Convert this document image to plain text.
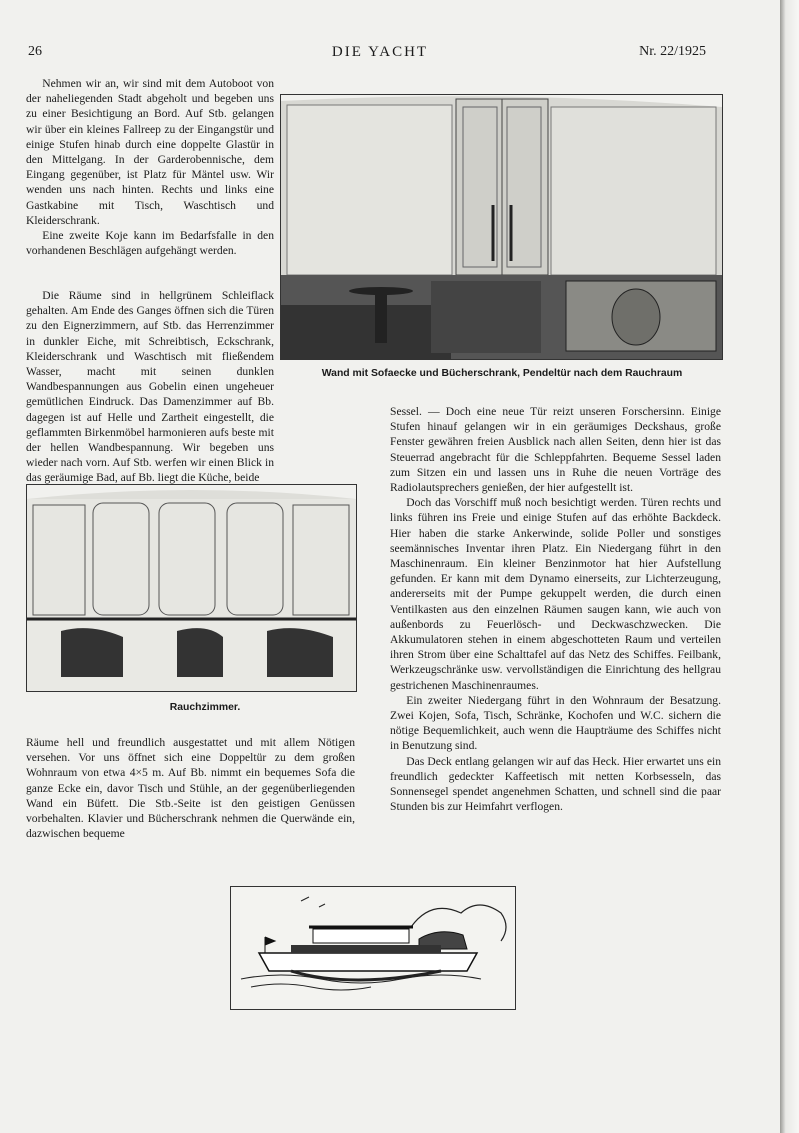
26	DIE YACHT	Nr. 22/1925

Nehmen wir an, wir sind mit dem Autoboot von der naheliegenden Stadt abgeholt und begeben uns zu einer Besichtigung an Bord. Auf Stb. gelangen wir über ein kleines Fallreep zu der Eingangstür und einige Stufen hinab durch eine doppelte Glastür in den Mittelgang. In der Garderobennische, dem Eingang gegenüber, ist Platz für Mäntel usw. Wir wenden uns nach hinten. Rechts und links eine Gastkabine mit Tisch, Waschtisch und Kleiderschrank.

Eine zweite Koje kann im Bedarfsfalle in den vorhandenen Beschlägen aufgehängt werden.

Die Räume sind in hellgrünem Schleiflack gehalten. Am Ende des Ganges öffnen sich die Türen zu den Eignerzimmern, auf Stb. das Herrenzimmer in dunkler Eiche, mit Schreibtisch, Eckschrank, Kleiderschrank und Waschtisch mit fließendem Wasser, macht mit seinen dunklen Wandbespannungen aus Gobelin einen ungeheuer gemütlichen Eindruck. Das Damenzimmer auf Bb. dagegen ist auf Helle und Zartheit eingestellt, die geflammten Birkenmöbel harmonieren aufs beste mit der hellen Wandbespannung. Wir begeben uns wieder nach vorn. Auf Stb. werfen wir einen Blick in das geräumige Bad, auf Bb. liegt die Küche, beide

Wand mit Sofaecke und Bücherschrank, Pendeltür nach dem Rauchraum
Rauchzimmer.

Räume hell und freundlich ausgestattet und mit allem Nötigen versehen. Vor uns öffnet sich eine Doppeltür zu dem großen Wohnraum von etwa 4×5 m. Auf Bb. nimmt ein bequemes Sofa die ganze Ecke ein, davor Tisch und Stühle, an der gegenüberliegenden Wand ein Büfett. Die Stb.-Seite ist den geistigen Genüssen vorbehalten. Klavier und Bücherschrank nehmen die Querwände ein, dazwischen bequeme

Sessel. — Doch eine neue Tür reizt unseren Forschersinn. Einige Stufen hinauf gelangen wir in ein geräumiges Deckshaus, große Fenster gewähren freien Ausblick nach allen Seiten, denn hier ist das Steuerrad angebracht für die Schleppfahrten. Bequeme Sessel laden zum Sitzen ein und lassen uns in Ruhe die neuen Vorträge des Radiolautsprechers genießen, der hier aufgestellt ist.

Doch das Vorschiff muß noch besichtigt werden. Türen rechts und links führen ins Freie und einige Stufen auf das erhöhte Backdeck. Hier haben die starke Ankerwinde, solide Poller und sonstiges seemännisches Inventar ihren Platz. Ein Niedergang führt in den Maschinenraum. Ein kleiner Benzinmotor hat hier Aufstellung gefunden. Er kann mit dem Dynamo einerseits, zur Lichterzeugung, andererseits mit der Pumpe gekuppelt werden, die durch einen Ventilkasten aus den einzelnen Räumen saugen kann, wie auch von außenbords zu Feuerlösch- und Deckwaschzwecken. Die Akkumulatoren stehen in einem abgeschotteten Raum und verteilen ihren Strom über eine Schalttafel auf das Netz des Schiffes. Feilbank, Werkzeugschränke usw. vervollständigen die Einrichtung des hellgrau gestrichenen Maschinenraumes.

Ein zweiter Niedergang führt in den Wohnraum der Besatzung. Zwei Kojen, Sofa, Tisch, Schränke, Kochofen und W.C. sichern die nötige Bequemlichkeit, auch wenn die Haupträume des Schiffes nicht in Benutzung sind.

Das Deck entlang gelangen wir auf das Heck. Hier erwartet uns ein freundlich gedeckter Kaffeetisch mit netten Korbsesseln, das Sonnensegel spendet angenehmen Schatten, und schnell sind die paar Stunden bis zur Heimfahrt verflogen.
